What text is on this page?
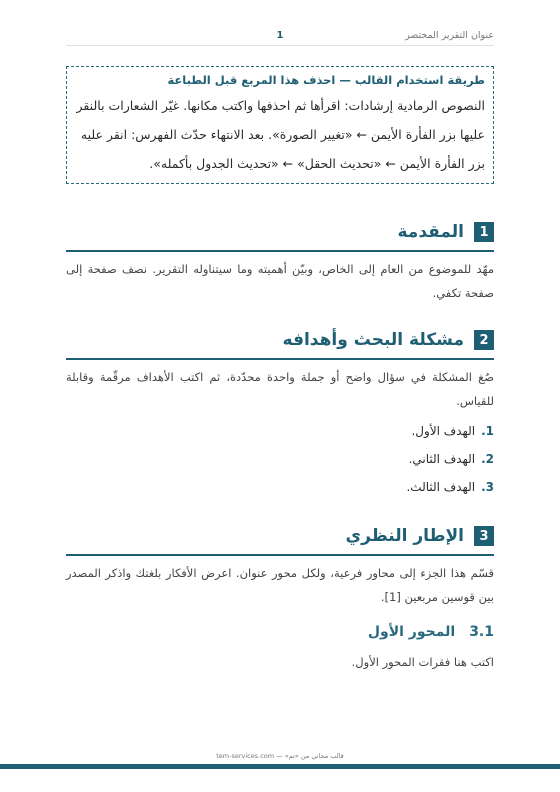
عنوان التقرير المختصر
1
طريقة استخدام القالب — احذف هذا المربع قبل الطباعة
النصوص الرمادية إرشادات: اقرأها ثم احذفها واكتب مكانها. غيّر الشعارات بالنقر
عليها بزر الفأرة الأيمن ← «تغيير الصورة». بعد الانتهاء حدّث الفهرس: انقر عليه
بزر الفأرة الأيمن ← «تحديث الحقل» ← «تحديث الجدول بأكمله».
1
المقدمة

مهّد للموضوع من العام إلى الخاص، وبيّن أهميته وما سيتناوله التقرير. نصف صفحة إلى صفحة تكفي.

2
مشكلة البحث وأهدافه

صُغ المشكلة في سؤال واضح أو جملة واحدة محدّدة، ثم اكتب الأهداف مرقّمة وقابلة للقياس.

1.
الهدف الأول.
2.
الهدف الثاني.
3.
الهدف الثالث.
3
الإطار النظري

قسّم هذا الجزء إلى محاور فرعية، ولكل محور عنوان. اعرض الأفكار بلغتك واذكر المصدر بين قوسين مربعين [1].

3.1
المحور الأول

اكتب هنا فقرات المحور الأول.

قالب مجاني من «تم» — tem-services.com
